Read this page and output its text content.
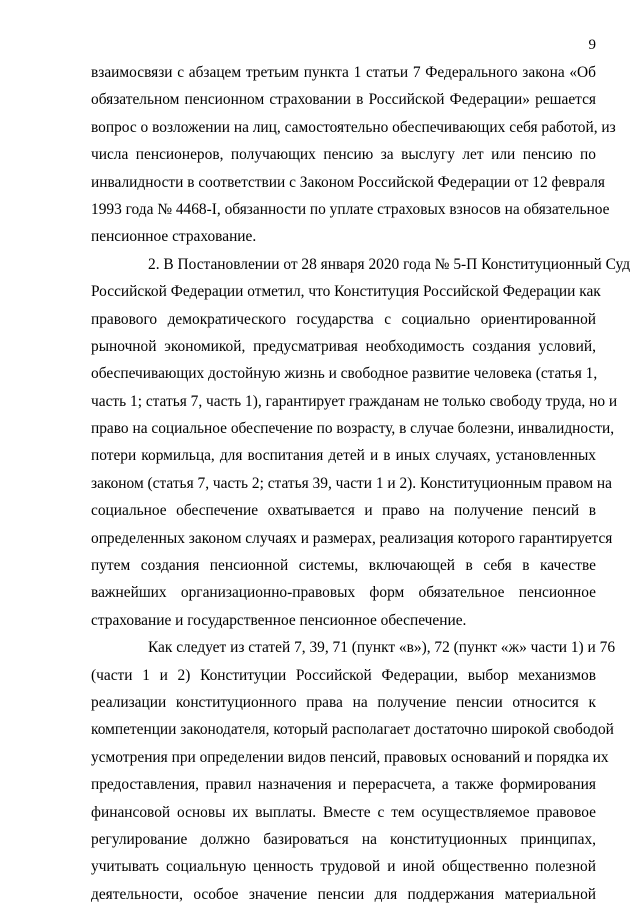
9
взаимосвязи с абзацем третьим пункта 1 статьи 7 Федерального закона «Об
обязательном пенсионном страховании в Российской Федерации» решается
вопрос о возложении на лиц, самостоятельно обеспечивающих себя работой, из
числа пенсионеров, получающих пенсию за выслугу лет или пенсию по
инвалидности в соответствии с Законом Российской Федерации от 12 февраля
1993 года № 4468-I, обязанности по уплате страховых взносов на обязательное
пенсионное страхование.
2. В Постановлении от 28 января 2020 года № 5-П Конституционный Суд
Российской Федерации отметил, что Конституция Российской Федерации как
правового демократического государства с социально ориентированной
рыночной экономикой, предусматривая необходимость создания условий,
обеспечивающих достойную жизнь и свободное развитие человека (статья 1,
часть 1; статья 7, часть 1), гарантирует гражданам не только свободу труда, но и
право на социальное обеспечение по возрасту, в случае болезни, инвалидности,
потери кормильца, для воспитания детей и в иных случаях, установленных
законом (статья 7, часть 2; статья 39, части 1 и 2). Конституционным правом на
социальное обеспечение охватывается и право на получение пенсий в
определенных законом случаях и размерах, реализация которого гарантируется
путем создания пенсионной системы, включающей в себя в качестве
важнейших организационно-правовых форм обязательное пенсионное
страхование и государственное пенсионное обеспечение.
Как следует из статей 7, 39, 71 (пункт «в»), 72 (пункт «ж» части 1) и 76
(части 1 и 2) Конституции Российской Федерации, выбор механизмов
реализации конституционного права на получение пенсии относится к
компетенции законодателя, который располагает достаточно широкой свободой
усмотрения при определении видов пенсий, правовых оснований и порядка их
предоставления, правил назначения и перерасчета, а также формирования
финансовой основы их выплаты. Вместе с тем осуществляемое правовое
регулирование должно базироваться на конституционных принципах,
учитывать социальную ценность трудовой и иной общественно полезной
деятельности, особое значение пенсии для поддержания материальной
